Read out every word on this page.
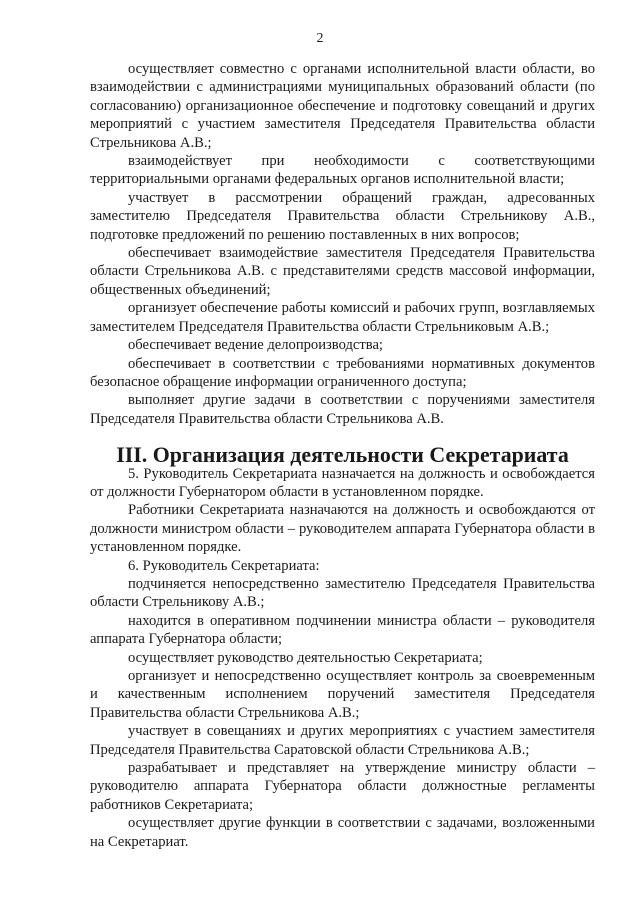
2

осуществляет совместно с органами исполнительной власти области, во взаимодействии с администрациями муниципальных образований области (по согласованию) организационное обеспечение и подготовку совещаний и других мероприятий с участием заместителя Председателя Правительства области Стрельникова А.В.;

взаимодействует при необходимости с соответствующими территориальными органами федеральных органов исполнительной власти;

участвует в рассмотрении обращений граждан, адресованных заместителю Председателя Правительства области Стрельникову А.В., подготовке предложений по решению поставленных в них вопросов;

обеспечивает взаимодействие заместителя Председателя Правительства области Стрельникова А.В. с представителями средств массовой информации, общественных объединений;

организует обеспечение работы комиссий и рабочих групп, возглавляемых заместителем Председателя Правительства области Стрельниковым А.В.;

обеспечивает ведение делопроизводства;

обеспечивает в соответствии с требованиями нормативных документов безопасное обращение информации ограниченного доступа;

выполняет другие задачи в соответствии с поручениями заместителя Председателя Правительства области Стрельникова А.В.

III. Организация деятельности Секретариата

5. Руководитель Секретариата назначается на должность и освобождается от должности Губернатором области в установленном порядке.

Работники Секретариата назначаются на должность и освобождаются от должности министром области – руководителем аппарата Губернатора области в установленном порядке.

6. Руководитель Секретариата:

подчиняется непосредственно заместителю Председателя Правительства области Стрельникову А.В.;

находится в оперативном подчинении министра области – руководителя аппарата Губернатора области;

осуществляет руководство деятельностью Секретариата;

организует и непосредственно осуществляет контроль за своевременным и качественным исполнением поручений заместителя Председателя Правительства области Стрельникова А.В.;

участвует в совещаниях и других мероприятиях с участием заместителя Председателя Правительства Саратовской области Стрельникова А.В.;

разрабатывает и представляет на утверждение министру области – руководителю аппарата Губернатора области должностные регламенты работников Секретариата;

осуществляет другие функции в соответствии с задачами, возложенными на Секретариат.
